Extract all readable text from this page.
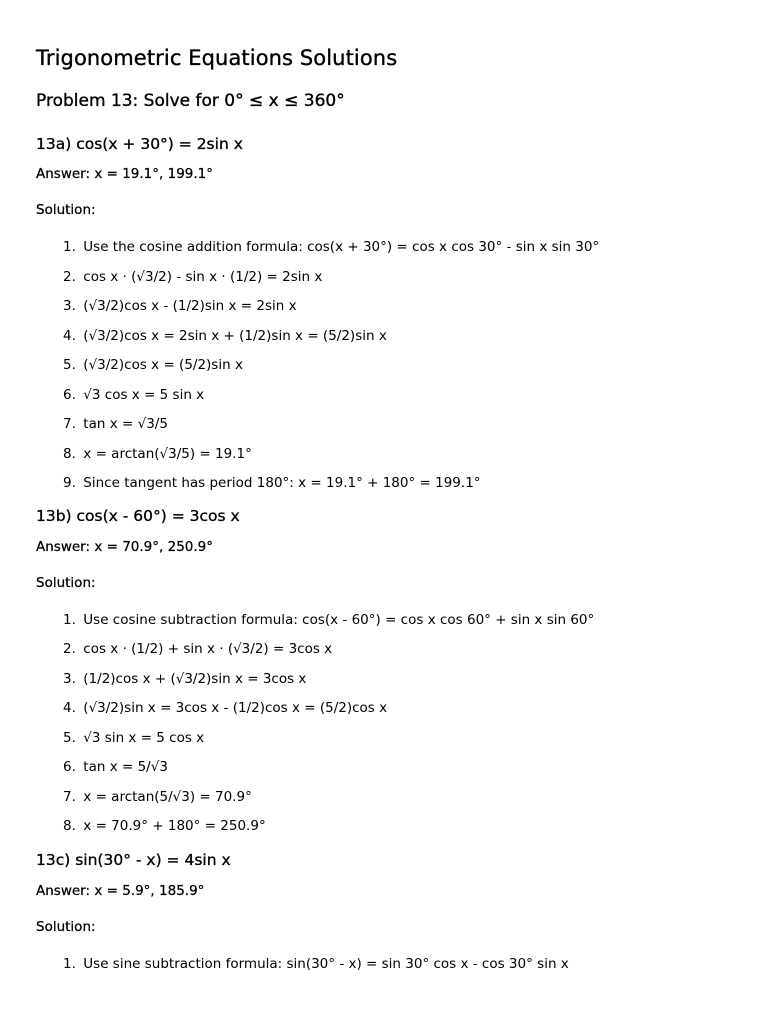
Trigonometric Equations Solutions
Problem 13: Solve for 0° ≤ x ≤ 360°
13a) cos(x + 30°) = 2sin x

Answer: x = 19.1°, 199.1°

Solution:

1. Use the cosine addition formula: cos(x + 30°) = cos x cos 30° - sin x sin 30°
2. cos x · (√3/2) - sin x · (1/2) = 2sin x
3. (√3/2)cos x - (1/2)sin x = 2sin x
4. (√3/2)cos x = 2sin x + (1/2)sin x = (5/2)sin x
5. (√3/2)cos x = (5/2)sin x
6. √3 cos x = 5 sin x
7. tan x = √3/5
8. x = arctan(√3/5) = 19.1°
9. Since tangent has period 180°: x = 19.1° + 180° = 199.1°
13b) cos(x - 60°) = 3cos x

Answer: x = 70.9°, 250.9°

Solution:

1. Use cosine subtraction formula: cos(x - 60°) = cos x cos 60° + sin x sin 60°
2. cos x · (1/2) + sin x · (√3/2) = 3cos x
3. (1/2)cos x + (√3/2)sin x = 3cos x
4. (√3/2)sin x = 3cos x - (1/2)cos x = (5/2)cos x
5. √3 sin x = 5 cos x
6. tan x = 5/√3
7. x = arctan(5/√3) = 70.9°
8. x = 70.9° + 180° = 250.9°
13c) sin(30° - x) = 4sin x

Answer: x = 5.9°, 185.9°

Solution:

1. Use sine subtraction formula: sin(30° - x) = sin 30° cos x - cos 30° sin x
